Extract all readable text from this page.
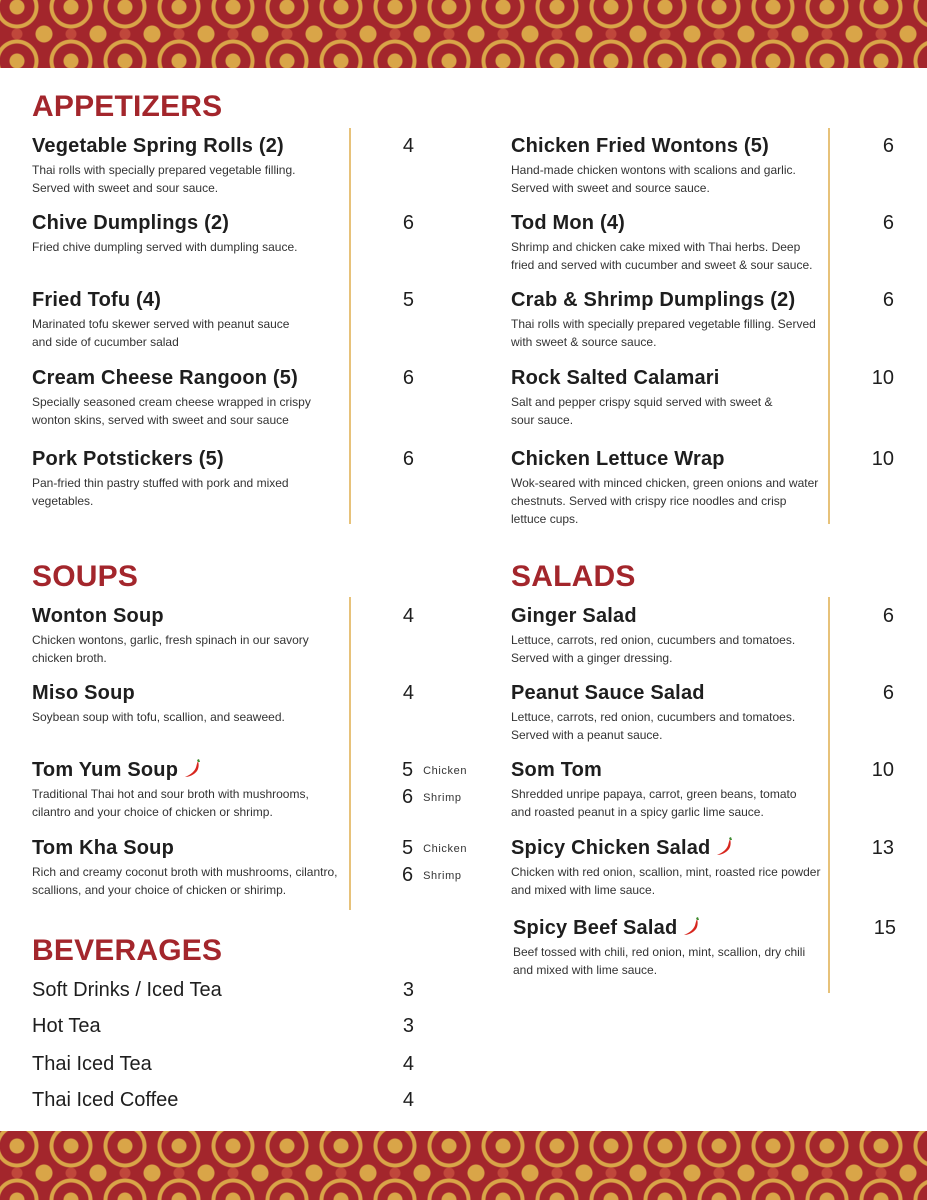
APPETIZERS
Vegetable Spring Rolls (2)
Thai rolls with specially prepared vegetable filling. Served with sweet and sour sauce.
4
Chive Dumplings (2)
Fried chive dumpling served with dumpling sauce.
6
Fried Tofu (4)
Marinated tofu skewer served with peanut sauce and side of cucumber salad
5
Cream Cheese Rangoon (5)
Specially seasoned cream cheese wrapped in crispy wonton skins, served with sweet and sour sauce
6
Pork Potstickers (5)
Pan-fried thin pastry stuffed with pork and mixed vegetables.
6
Chicken Fried Wontons (5)
Hand-made chicken wontons with scalions and garlic. Served with sweet and source sauce.
6
Tod Mon (4)
Shrimp and chicken cake mixed with Thai herbs. Deep fried and served with cucumber and sweet & sour sauce.
6
Crab & Shrimp Dumplings (2)
Thai rolls with specially prepared vegetable filling. Served with sweet & source sauce.
6
Rock Salted Calamari
Salt and pepper crispy squid served with sweet & sour sauce.
10
Chicken Lettuce Wrap
Wok-seared with minced chicken, green onions and water chestnuts. Served with crispy rice noodles and crisp lettuce cups.
10
SOUPS
Wonton Soup
Chicken wontons, garlic, fresh spinach in our savory chicken broth.
4
Miso Soup
Soybean soup with tofu, scallion, and seaweed.
4
Tom Yum Soup
Traditional Thai hot and sour broth with mushrooms, cilantro and your choice of chicken or shrimp.
5 Chicken
6 Shrimp
Tom Kha Soup
Rich and creamy coconut broth with mushrooms, cilantro, scallions, and your choice of chicken or shirimp.
5 Chicken
6 Shrimp
SALADS
Ginger Salad
Lettuce, carrots, red onion, cucumbers and tomatoes. Served with a ginger dressing.
6
Peanut Sauce Salad
Lettuce, carrots, red onion, cucumbers and tomatoes. Served with a peanut sauce.
6
Som Tom
Shredded unripe papaya, carrot, green beans, tomato and roasted peanut in a spicy garlic lime sauce.
10
Spicy Chicken Salad
Chicken with red onion, scallion, mint, roasted rice powder and mixed with lime sauce.
13
Spicy Beef Salad
Beef tossed with chili, red onion, mint, scallion, dry chili and mixed with lime sauce.
15
BEVERAGES
Soft Drinks / Iced Tea	3
Hot Tea	3
Thai Iced Tea	4
Thai Iced Coffee	4
